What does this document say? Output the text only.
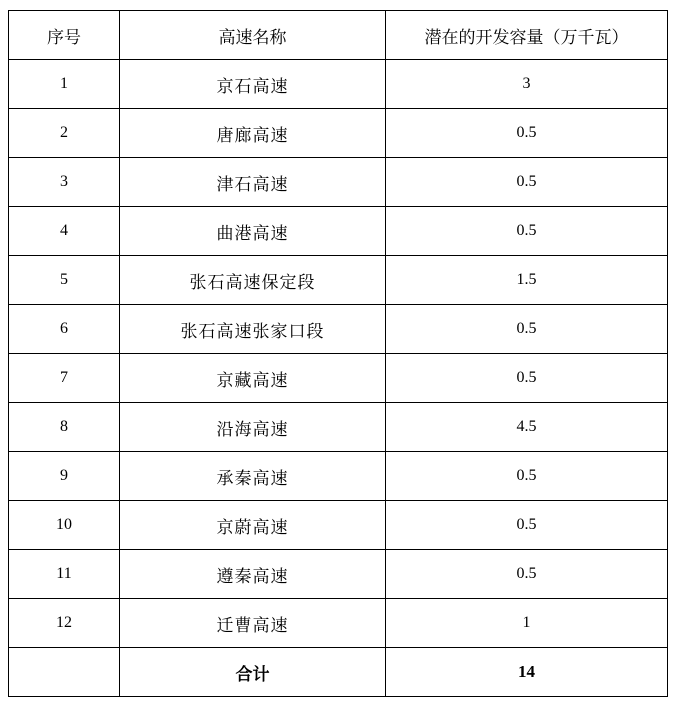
序号	高速名称	潜在的开发容量（万千瓦）
1	京石高速	3
2	唐廊高速	0.5
3	津石高速	0.5
4	曲港高速	0.5
5	张石高速保定段	1.5
6	张石高速张家口段	0.5
7	京藏高速	0.5
8	沿海高速	4.5
9	承秦高速	0.5
10	京蔚高速	0.5
11	遵秦高速	0.5
12	迁曹高速	1
	合计	14
